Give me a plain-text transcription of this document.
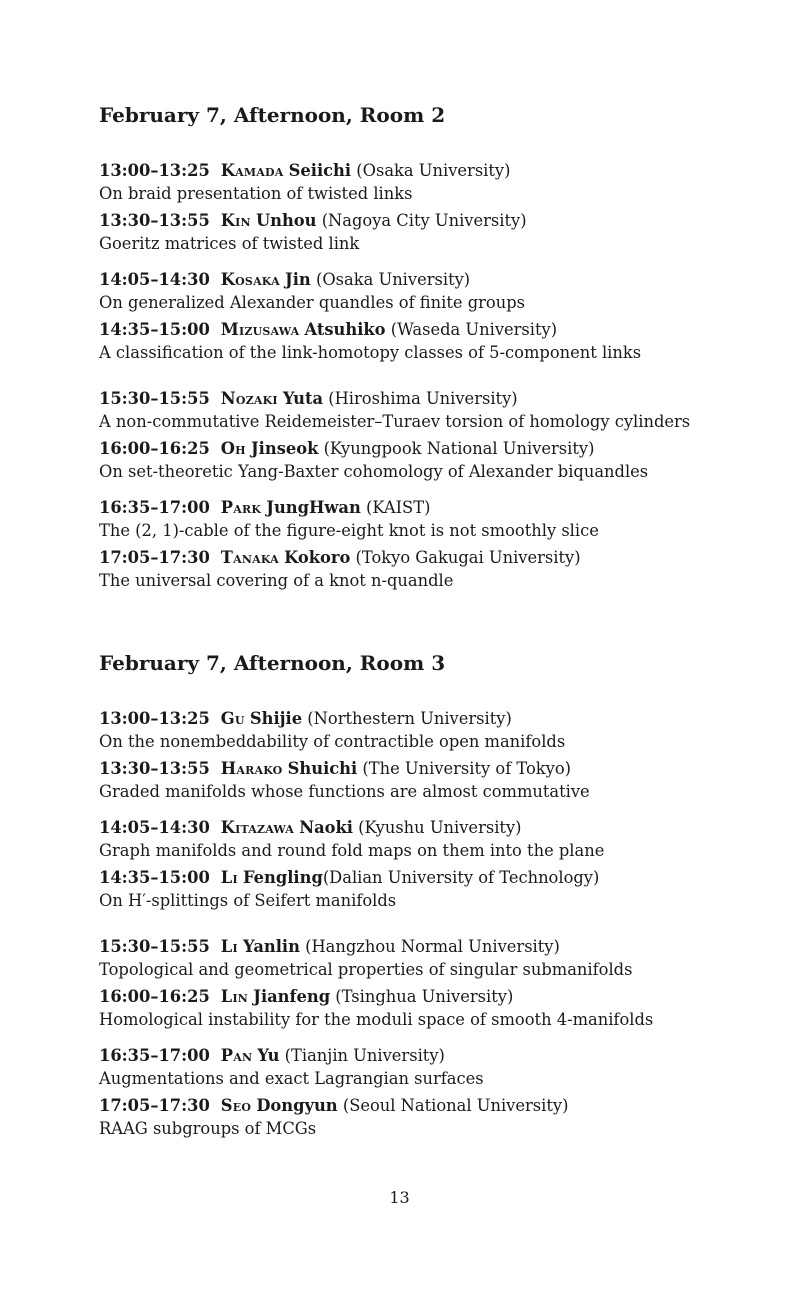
February 7, Afternoon, Room 2
13:00–13:25 Kamada Seiichi (Osaka University)
On braid presentation of twisted links
13:30–13:55 Kin Unhou (Nagoya City University)
Goeritz matrices of twisted link
14:05–14:30 Kosaka Jin (Osaka University)
On generalized Alexander quandles of finite groups
14:35–15:00 Mizusawa Atsuhiko (Waseda University)
A classification of the link-homotopy classes of 5-component links
15:30–15:55 Nozaki Yuta (Hiroshima University)
A non-commutative Reidemeister–Turaev torsion of homology cylinders
16:00–16:25 Oh Jinseok (Kyungpook National University)
On set-theoretic Yang-Baxter cohomology of Alexander biquandles
16:35–17:00 Park JungHwan (KAIST)
The (2, 1)-cable of the figure-eight knot is not smoothly slice
17:05–17:30 Tanaka Kokoro (Tokyo Gakugai University)
The universal covering of a knot n-quandle
February 7, Afternoon, Room 3
13:00–13:25 Gu Shijie (Northestern University)
On the nonembeddability of contractible open manifolds
13:30–13:55 Harako Shuichi (The University of Tokyo)
Graded manifolds whose functions are almost commutative
14:05–14:30 Kitazawa Naoki (Kyushu University)
Graph manifolds and round fold maps on them into the plane
14:35–15:00 Li Fengling(Dalian University of Technology)
On H′-splittings of Seifert manifolds
15:30–15:55 Li Yanlin (Hangzhou Normal University)
Topological and geometrical properties of singular submanifolds
16:00–16:25 Lin Jianfeng (Tsinghua University)
Homological instability for the moduli space of smooth 4-manifolds
16:35–17:00 Pan Yu (Tianjin University)
Augmentations and exact Lagrangian surfaces
17:05–17:30 Seo Dongyun (Seoul National University)
RAAG subgroups of MCGs
13
